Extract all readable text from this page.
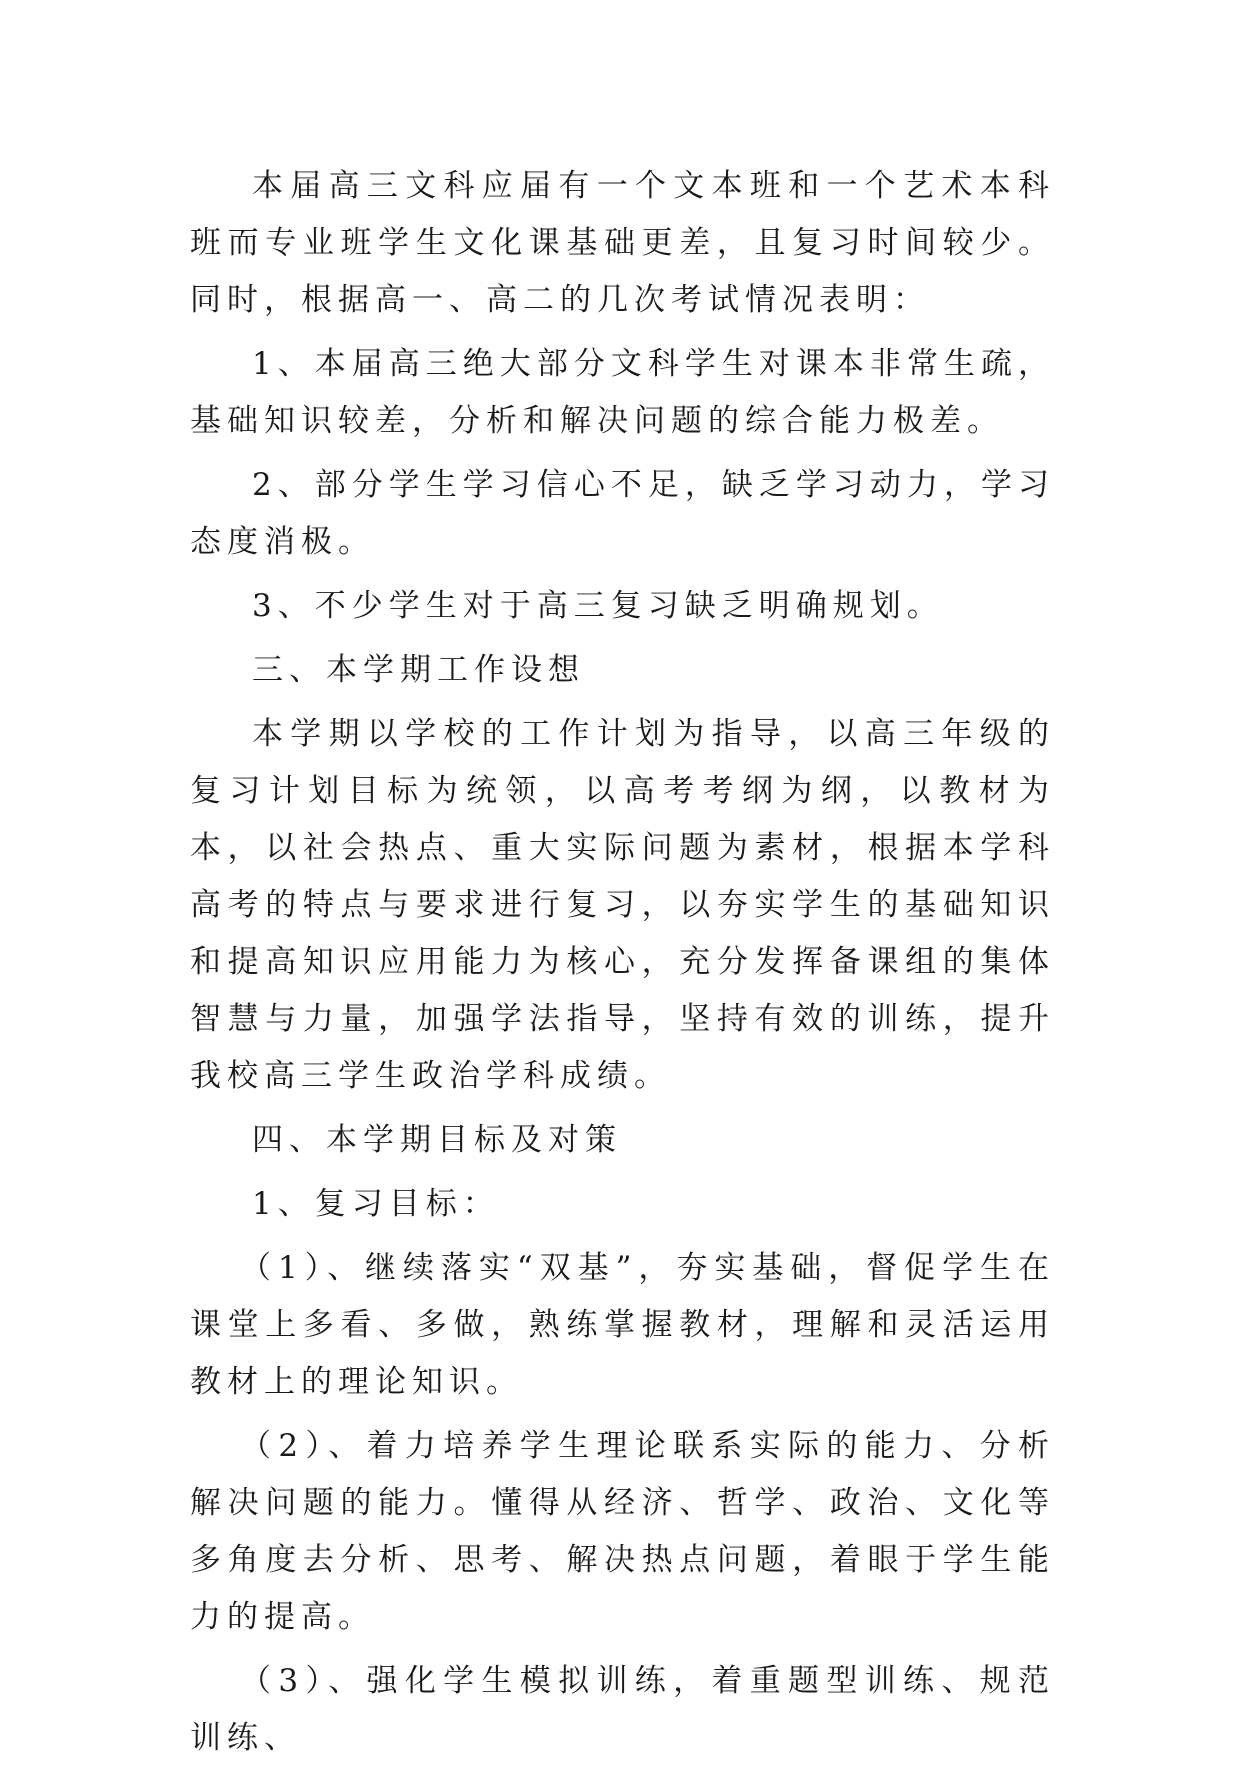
本届高三文科应届有一个文本班和一个艺术本科班而专业班学生文化课基础更差，且复习时间较少。同时，根据高一、高二的几次考试情况表明：

1、本届高三绝大部分文科学生对课本非常生疏，基础知识较差，分析和解决问题的综合能力极差。

2、部分学生学习信心不足，缺乏学习动力，学习态度消极。

3、不少学生对于高三复习缺乏明确规划。

三、本学期工作设想

本学期以学校的工作计划为指导，以高三年级的复习计划目标为统领，以高考考纲为纲，以教材为本，以社会热点、重大实际问题为素材，根据本学科高考的特点与要求进行复习，以夯实学生的基础知识和提高知识应用能力为核心，充分发挥备课组的集体智慧与力量，加强学法指导，坚持有效的训练，提升我校高三学生政治学科成绩。

四、本学期目标及对策

1、复习目标：

（1）、继续落实“双基”，夯实基础，督促学生在课堂上多看、多做，熟练掌握教材，理解和灵活运用教材上的理论知识。

（2）、着力培养学生理论联系实际的能力、分析解决问题的能力。懂得从经济、哲学、政治、文化等多角度去分析、思考、解决热点问题，着眼于学生能力的提高。

（3）、强化学生模拟训练，着重题型训练、规范训练、
